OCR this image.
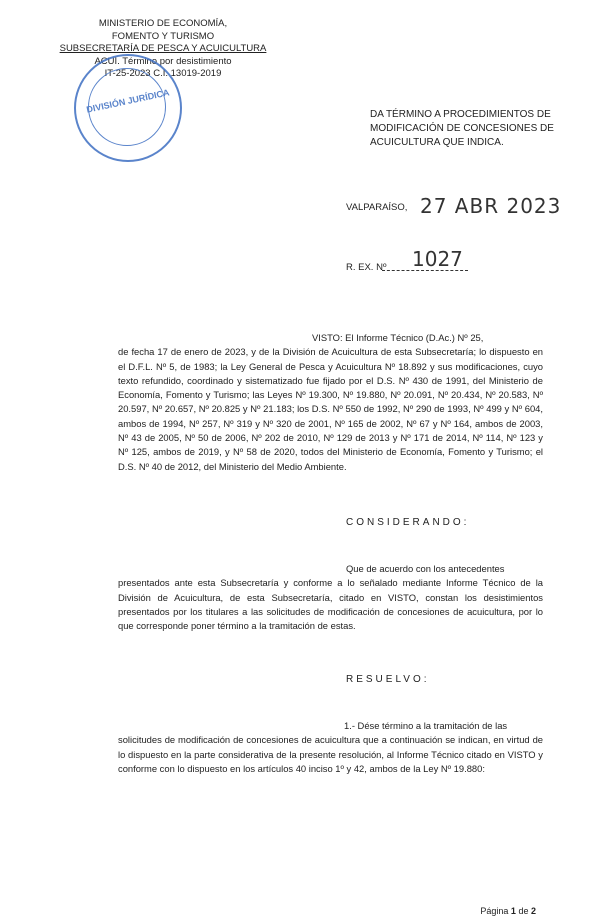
MINISTERIO DE ECONOMÍA,
FOMENTO Y TURISMO
SUBSECRETARÍA DE PESCA Y ACUICULTURA
ACUI. Término por desistimiento
IT-25-2023 C.I. 13019-2019
DIVISIÓN JURÍDICA	DA TÉRMINO A PROCEDIMIENTOS DE
MODIFICACIÓN DE CONCESIONES DE
ACUICULTURA QUE INDICA.
VALPARAÍSO, 27 ABR 2023
R. EX. Nº 1027
VISTO: El Informe Técnico (D.Ac.) Nº 25,
de fecha 17 de enero de 2023, y de la División de Acuicultura de esta Subsecretaría; lo dispuesto en el D.F.L. Nº 5, de 1983; la Ley General de Pesca y Acuicultura Nº 18.892 y sus modificaciones, cuyo texto refundido, coordinado y sistematizado fue fijado por el D.S. Nº 430 de 1991, del Ministerio de Economía, Fomento y Turismo; las Leyes Nº 19.300, Nº 19.880, Nº 20.091, Nº 20.434, Nº 20.583, Nº 20.597, Nº 20.657, Nº 20.825 y Nº 21.183; los D.S. Nº 550 de 1992, Nº 290 de 1993, Nº 499 y Nº 604, ambos de 1994, Nº 257, Nº 319 y Nº 320 de 2001, Nº 165 de 2002, Nº 67 y Nº 164, ambos de 2003, Nº 43 de 2005, Nº 50 de 2006, Nº 202 de 2010, Nº 129 de 2013 y Nº 171 de 2014, Nº 114, Nº 123 y Nº 125, ambos de 2019, y Nº 58 de 2020, todos del Ministerio de Economía, Fomento y Turismo; el D.S. Nº 40 de 2012, del Ministerio del Medio Ambiente.
CONSIDERANDO:
Que de acuerdo con los antecedentes
presentados ante esta Subsecretaría y conforme a lo señalado mediante Informe Técnico de la División de Acuicultura, de esta Subsecretaría, citado en VISTO, constan los desistimientos presentados por los titulares a las solicitudes de modificación de concesiones de acuicultura, por lo que corresponde poner término a la tramitación de estas.
RESUELVO:
1.- Dése término a la tramitación de las
solicitudes de modificación de concesiones de acuicultura que a continuación se indican, en virtud de lo dispuesto en la parte considerativa de la presente resolución, al Informe Técnico citado en VISTO y conforme con lo dispuesto en los artículos 40 inciso 1º y 42, ambos de la Ley Nº 19.880:
Página 1 de 2
